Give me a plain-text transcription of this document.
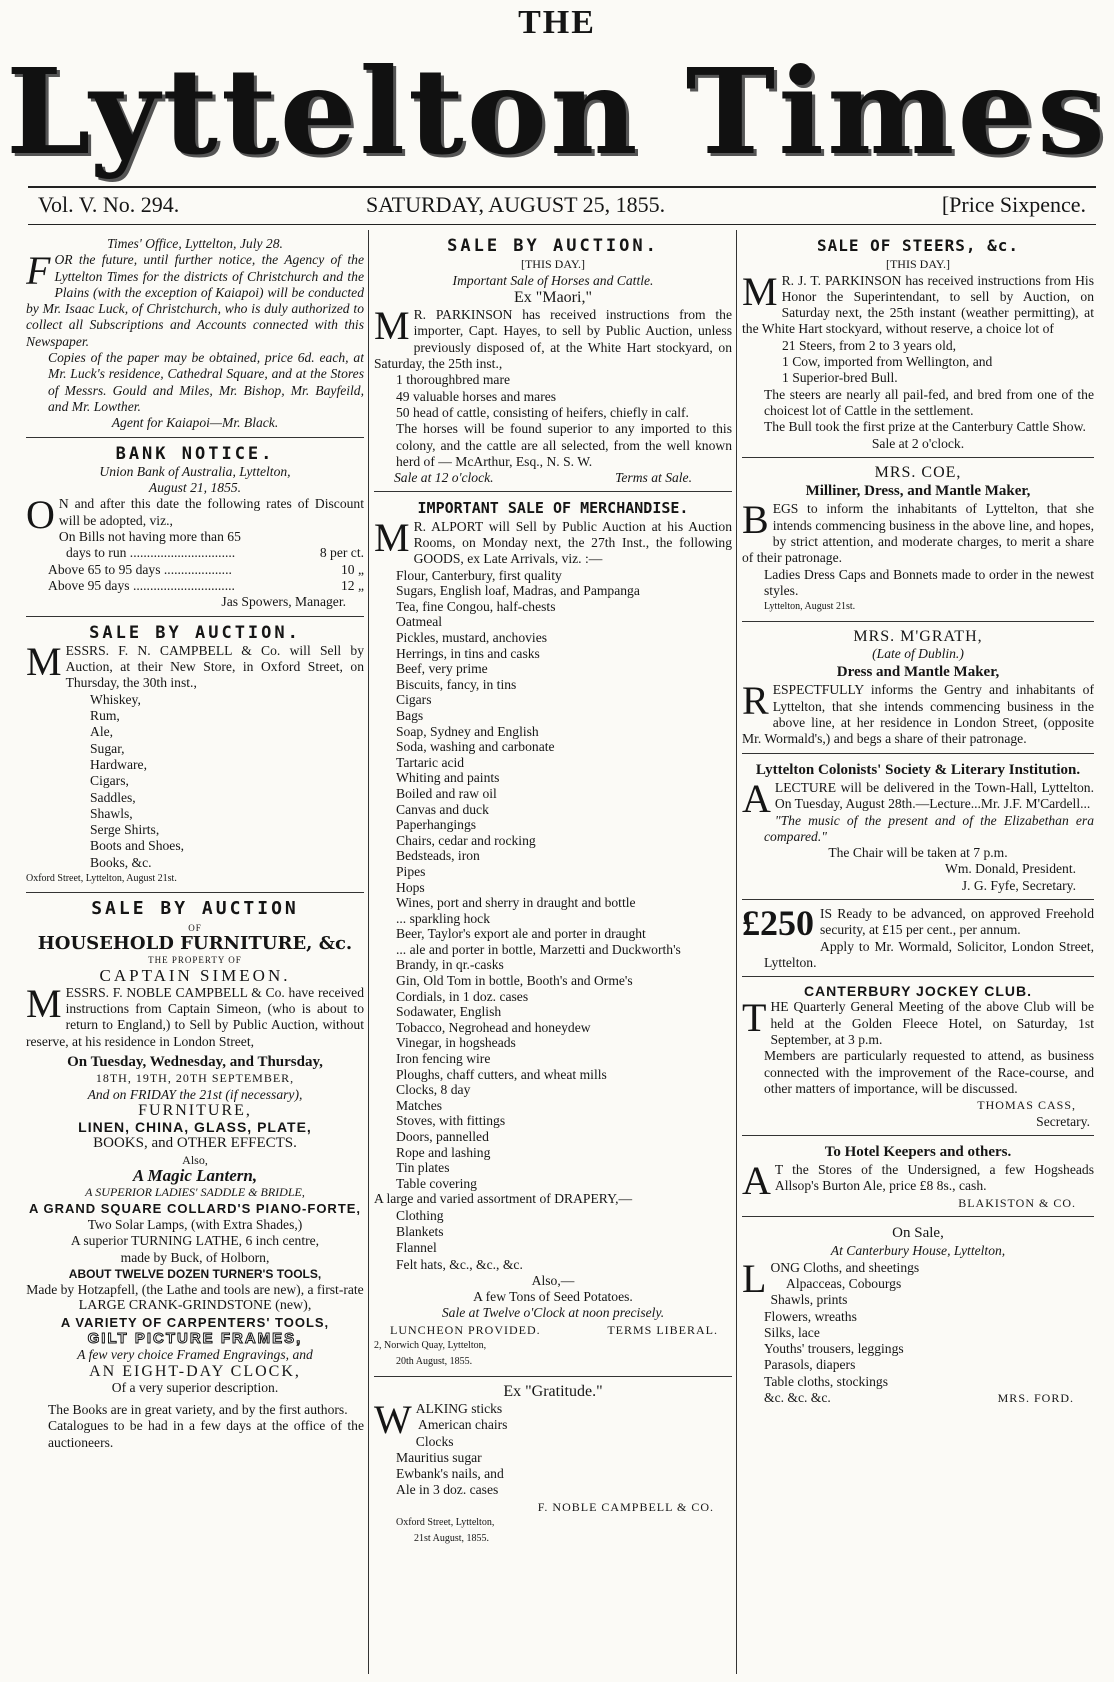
THE
Lyttelton Times
Vol. V. No. 294.	SATURDAY, AUGUST 25, 1855.	[Price Sixpence.
Times' Office, Lyttelton, July 28.

FOR the future, until further notice, the Agency of the Lyttelton Times for the districts of Christchurch and the Plains (with the exception of Kaiapoi) will be conducted by Mr. Isaac Luck, of Christchurch, who is duly authorized to collect all Subscriptions and Accounts connected with this Newspaper.

Copies of the paper may be obtained, price 6d. each, at Mr. Luck's residence, Cathedral Square, and at the Stores of Messrs. Gould and Miles, Mr. Bishop, Mr. Bayfeild, and Mr. Lowther.

Agent for Kaiapoi—Mr. Black.
BANK NOTICE.
Union Bank of Australia, Lyttelton,
August 21, 1855.

O N and after this date the following rates of Discount will be adopted, viz.,

On Bills not having more than 65
days to run ...............................	8 per ct.
Above 65 to 95 days ....................	10 „
Above 95 days ..............................	12 „
Jas Spowers, Manager.
SALE BY AUCTION.

MESSRS. F. N. CAMPBELL & Co. will Sell by Auction, at their New Store, in Oxford Street, on Thursday, the 30th inst.,

Whiskey,
Rum,
Ale,
Sugar,
Hardware,
Cigars,
Saddles,
Shawls,
Serge Shirts,
Boots and Shoes,
Books, &c.
Oxford Street, Lyttelton, August 21st.
SALE BY AUCTION
OF
HOUSEHOLD FURNITURE, &c.
THE PROPERTY OF
CAPTAIN SIMEON.

MESSRS. F. NOBLE CAMPBELL & Co. have received instructions from Captain Simeon, (who is about to return to England,) to Sell by Public Auction, without reserve, at his residence in London Street,

On Tuesday, Wednesday, and Thursday,
18TH, 19TH, 20TH SEPTEMBER,
And on FRIDAY the 21st (if necessary),
FURNITURE,
LINEN, CHINA, GLASS, PLATE,
BOOKS, and OTHER EFFECTS.
Also,
A Magic Lantern,
A SUPERIOR LADIES' SADDLE & BRIDLE,
A GRAND SQUARE COLLARD'S PIANO-FORTE,
Two Solar Lamps, (with Extra Shades,)
A superior TURNING LATHE, 6 inch centre,
made by Buck, of Holborn,
ABOUT TWELVE DOZEN TURNER'S TOOLS,
Made by Hotzapfell, (the Lathe and tools are new), a first-rate
LARGE CRANK-GRINDSTONE (new),
A VARIETY OF CARPENTERS' TOOLS,
GILT PICTURE FRAMES,
A few very choice Framed Engravings, and
AN EIGHT-DAY CLOCK,
Of a very superior description.

The Books are in great variety, and by the first authors.

Catalogues to be had in a few days at the office of the auctioneers.

SALE BY AUCTION.
[THIS DAY.]
Important Sale of Horses and Cattle.
Ex "Maori,"

M R. PARKINSON has received instructions from the importer, Capt. Hayes, to sell by Public Auction, unless previously disposed of, at the White Hart stockyard, on Saturday, the 25th inst.,

1 thoroughbred mare
49 valuable horses and mares
50 head of cattle, consisting of heifers, chiefly in calf.

The horses will be found superior to any imported to this colony, and the cattle are all selected, from the well known herd of — McArthur, Esq., N. S. W.

Sale at 12 o'clock.	Terms at Sale.
IMPORTANT SALE OF MERCHANDISE.

M R. ALPORT will Sell by Public Auction at his Auction Rooms, on Monday next, the 27th Inst., the following GOODS, ex Late Arrivals, viz. :—

Flour, Canterbury, first quality
Sugars, English loaf, Madras, and Pampanga
Tea, fine Congou, half-chests
Oatmeal
Pickles, mustard, anchovies
Herrings, in tins and casks
Beef, very prime
Biscuits, fancy, in tins
Cigars
Bags
Soap, Sydney and English
Soda, washing and carbonate
Tartaric acid
Whiting and paints
Boiled and raw oil
Canvas and duck
Paperhangings
Chairs, cedar and rocking
Bedsteads, iron
Pipes
Hops
Wines, port and sherry in draught and bottle
... sparkling hock
Beer, Taylor's export ale and porter in draught
... ale and porter in bottle, Marzetti and Duckworth's
Brandy, in qr.-casks
Gin, Old Tom in bottle, Booth's and Orme's
Cordials, in 1 doz. cases
Sodawater, English
Tobacco, Negrohead and honeydew
Vinegar, in hogsheads
Iron fencing wire
Ploughs, chaff cutters, and wheat mills
Clocks, 8 day
Matches
Stoves, with fittings
Doors, pannelled
Rope and lashing
Tin plates
Table covering
A large and varied assortment of DRAPERY,—
Clothing
Blankets
Flannel
Felt hats, &c., &c., &c.
Also,—
A few Tons of Seed Potatoes.
Sale at Twelve o'Clock at noon precisely.
LUNCHEON PROVIDED.	TERMS LIBERAL.
2, Norwich Quay, Lyttelton,
20th August, 1855.
Ex "Gratitude."

WALKING sticks

American chairs
Clocks
Mauritius sugar
Ewbank's nails, and
Ale in 3 doz. cases
F. NOBLE CAMPBELL & CO.
Oxford Street, Lyttelton,
21st August, 1855.
SALE OF STEERS, &c.
[THIS DAY.]

M R. J. T. PARKINSON has received instructions from His Honor the Superintendant, to sell by Auction, on Saturday next, the 25th instant (weather permitting), at the White Hart stockyard, without reserve, a choice lot of

21 Steers, from 2 to 3 years old,
1 Cow, imported from Wellington, and
1 Superior-bred Bull.

The steers are nearly all pail-fed, and bred from one of the choicest lot of Cattle in the settlement.

The Bull took the first prize at the Canterbury Cattle Show.

Sale at 2 o'clock.
MRS. COE,
Milliner, Dress, and Mantle Maker,

BEGS to inform the inhabitants of Lyttelton, that she intends commencing business in the above line, and hopes, by strict attention, and moderate charges, to merit a share of their patronage.

Ladies Dress Caps and Bonnets made to order in the newest styles.

Lyttelton, August 21st.
MRS. M'GRATH,
(Late of Dublin.)
Dress and Mantle Maker,

RESPECTFULLY informs the Gentry and inhabitants of Lyttelton, that she intends commencing business in the above line, at her residence in London Street, (opposite Mr. Wormald's,) and begs a share of their patronage.

Lyttelton Colonists' Society & Literary Institution.

ALECTURE will be delivered in the Town-Hall, Lyttelton. On Tuesday, August 28th.—Lecture...Mr. J.F. M'Cardell...

"The music of the present and of the Elizabethan era compared."

The Chair will be taken at 7 p.m.
Wm. Donald, President.
J. G. Fyfe, Secretary.

£250 IS Ready to be advanced, on approved Freehold security, at £15 per cent., per annum.

Apply to Mr. Wormald, Solicitor, London Street, Lyttelton.

CANTERBURY JOCKEY CLUB.

THE Quarterly General Meeting of the above Club will be held at the Golden Fleece Hotel, on Saturday, 1st September, at 3 p.m.

Members are particularly requested to attend, as business connected with the improvement of the Race-course, and other matters of importance, will be discussed.

THOMAS CASS,
Secretary.
To Hotel Keepers and others.

A T the Stores of the Undersigned, a few Hogsheads Allsop's Burton Ale, price £8 8s., cash.

BLAKISTON & CO.
On Sale,
At Canterbury House, Lyttelton,

LONG Cloths, and sheetings

Alpacceas, Cobourgs
Shawls, prints
Flowers, wreaths
Silks, lace
Youths' trousers, leggings
Parasols, diapers
Table cloths, stockings
&c. &c. &c.	MRS. FORD.
